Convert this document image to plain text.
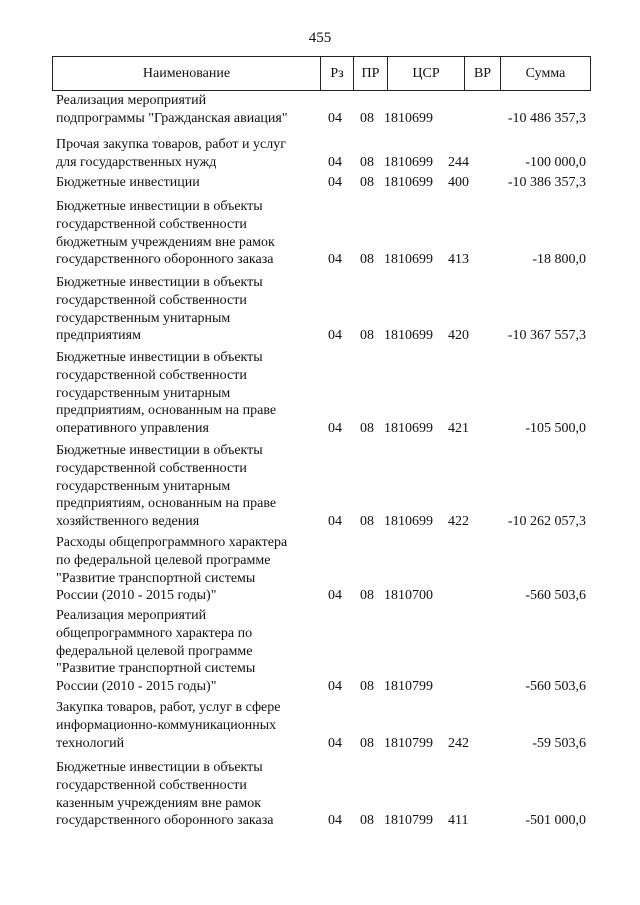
455
Наименование	Рз	ПР	ЦСР	ВР	Сумма
Реализация мероприятий
подпрограммы "Гражданская авиация"	04 08 1810699	-10 486 357,3
Прочая закупка товаров, работ и услуг
для государственных нужд	04 08 1810699 244	-100 000,0
Бюджетные инвестиции	04 08 1810699 400	-10 386 357,3
Бюджетные инвестиции в объекты
государственной собственности
бюджетным учреждениям вне рамок
государственного оборонного заказа	04 08 1810699 413	-18 800,0
Бюджетные инвестиции в объекты
государственной собственности
государственным унитарным
предприятиям	04 08 1810699 420	-10 367 557,3
Бюджетные инвестиции в объекты
государственной собственности
государственным унитарным
предприятиям, основанным на праве
оперативного управления	04 08 1810699 421	-105 500,0
Бюджетные инвестиции в объекты
государственной собственности
государственным унитарным
предприятиям, основанным на праве
хозяйственного ведения	04 08 1810699 422	-10 262 057,3
Расходы общепрограммного характера
по федеральной целевой программе
"Развитие транспортной системы
России (2010 - 2015 годы)"	04 08 1810700	-560 503,6
Реализация мероприятий
общепрограммного характера по
федеральной целевой программе
"Развитие транспортной системы
России (2010 - 2015 годы)"	04 08 1810799	-560 503,6
Закупка товаров, работ, услуг в сфере
информационно-коммуникационных
технологий	04 08 1810799 242	-59 503,6
Бюджетные инвестиции в объекты
государственной собственности
казенным учреждениям вне рамок
государственного оборонного заказа	04 08 1810799 411	-501 000,0
